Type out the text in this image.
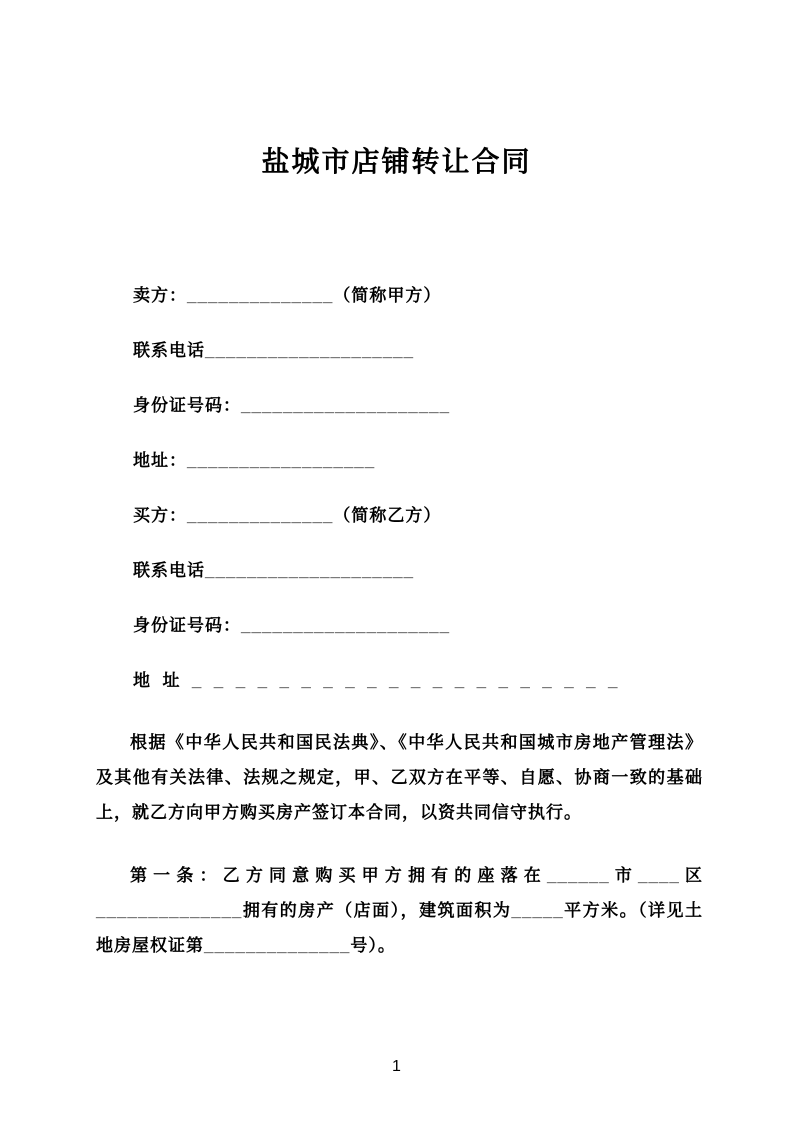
盐城市店铺转让合同

卖方：______________（简称甲方）

联系电话____________________

身份证号码：____________________

地址：__________________

买方：______________（简称乙方）

联系电话____________________

身份证号码：____________________

地  址  _  _  _  _  _  _  _  _  _  _  _  _  _  _  _  _  _  _  _  _

根据《中华人民共和国民法典》、《中华人民共和国城市房地产管理法》及其他有关法律、法规之规定，甲、乙双方在平等、自愿、协商一致的基础上，就乙方向甲方购买房产签订本合同，以资共同信守执行。

第一条：乙方同意购买甲方拥有的座落在______市____区______________拥有的房产（店面），建筑面积为_____平方米。（详见土地房屋权证第______________号）。

1
